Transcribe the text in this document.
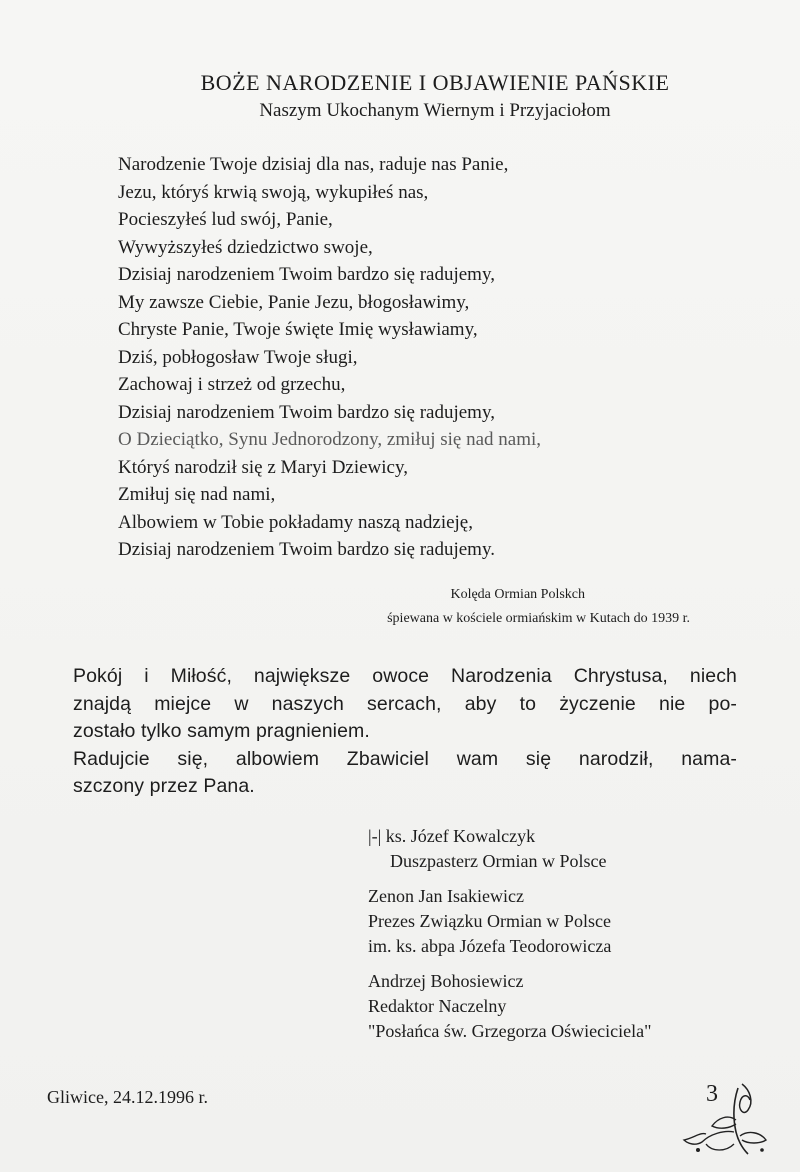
BOŻE NARODZENIE I OBJAWIENIE PAŃSKIE
Naszym Ukochanym Wiernym i Przyjaciołom
Narodzenie Twoje dzisiaj dla nas, raduje nas Panie,
Jezu, któryś krwią swoją, wykupiłeś nas,
Pocieszyłeś lud swój, Panie,
Wywyższyłeś dziedzictwo swoje,
Dzisiaj narodzeniem Twoim bardzo się radujemy,
My zawsze Ciebie, Panie Jezu, błogosławimy,
Chryste Panie, Twoje święte Imię wysławiamy,
Dziś, pobłogosław Twoje sługi,
Zachowaj i strzeż od grzechu,
Dzisiaj narodzeniem Twoim bardzo się radujemy,
O Dzieciątko, Synu Jednorodzony, zmiłuj się nad nami,
Któryś narodził się z Maryi Dziewicy,
Zmiłuj się nad nami,
Albowiem w Tobie pokładamy naszą nadzieję,
Dzisiaj narodzeniem Twoim bardzo się radujemy.
Kolęda Ormian Polskch
śpiewana w kościele ormiańskim w Kutach do 1939 r.

Pokój i Miłość, największe owoce Narodzenia Chrystusa, niech
znajdą miejce w naszych sercach, aby to życzenie nie po-
zostało tylko samym pragnieniem.

Radujcie się, albowiem Zbawiciel wam się narodził, nama-
szczony przez Pana.

|-| ks. Józef Kowalczyk
Duszpasterz Ormian w Polsce
Zenon Jan Isakiewicz
Prezes Związku Ormian w Polsce
im. ks. abpa Józefa Teodorowicza
Andrzej Bohosiewicz
Redaktor Naczelny
"Posłańca św. Grzegorza Oświeciciela"
Gliwice, 24.12.1996 r.	3
